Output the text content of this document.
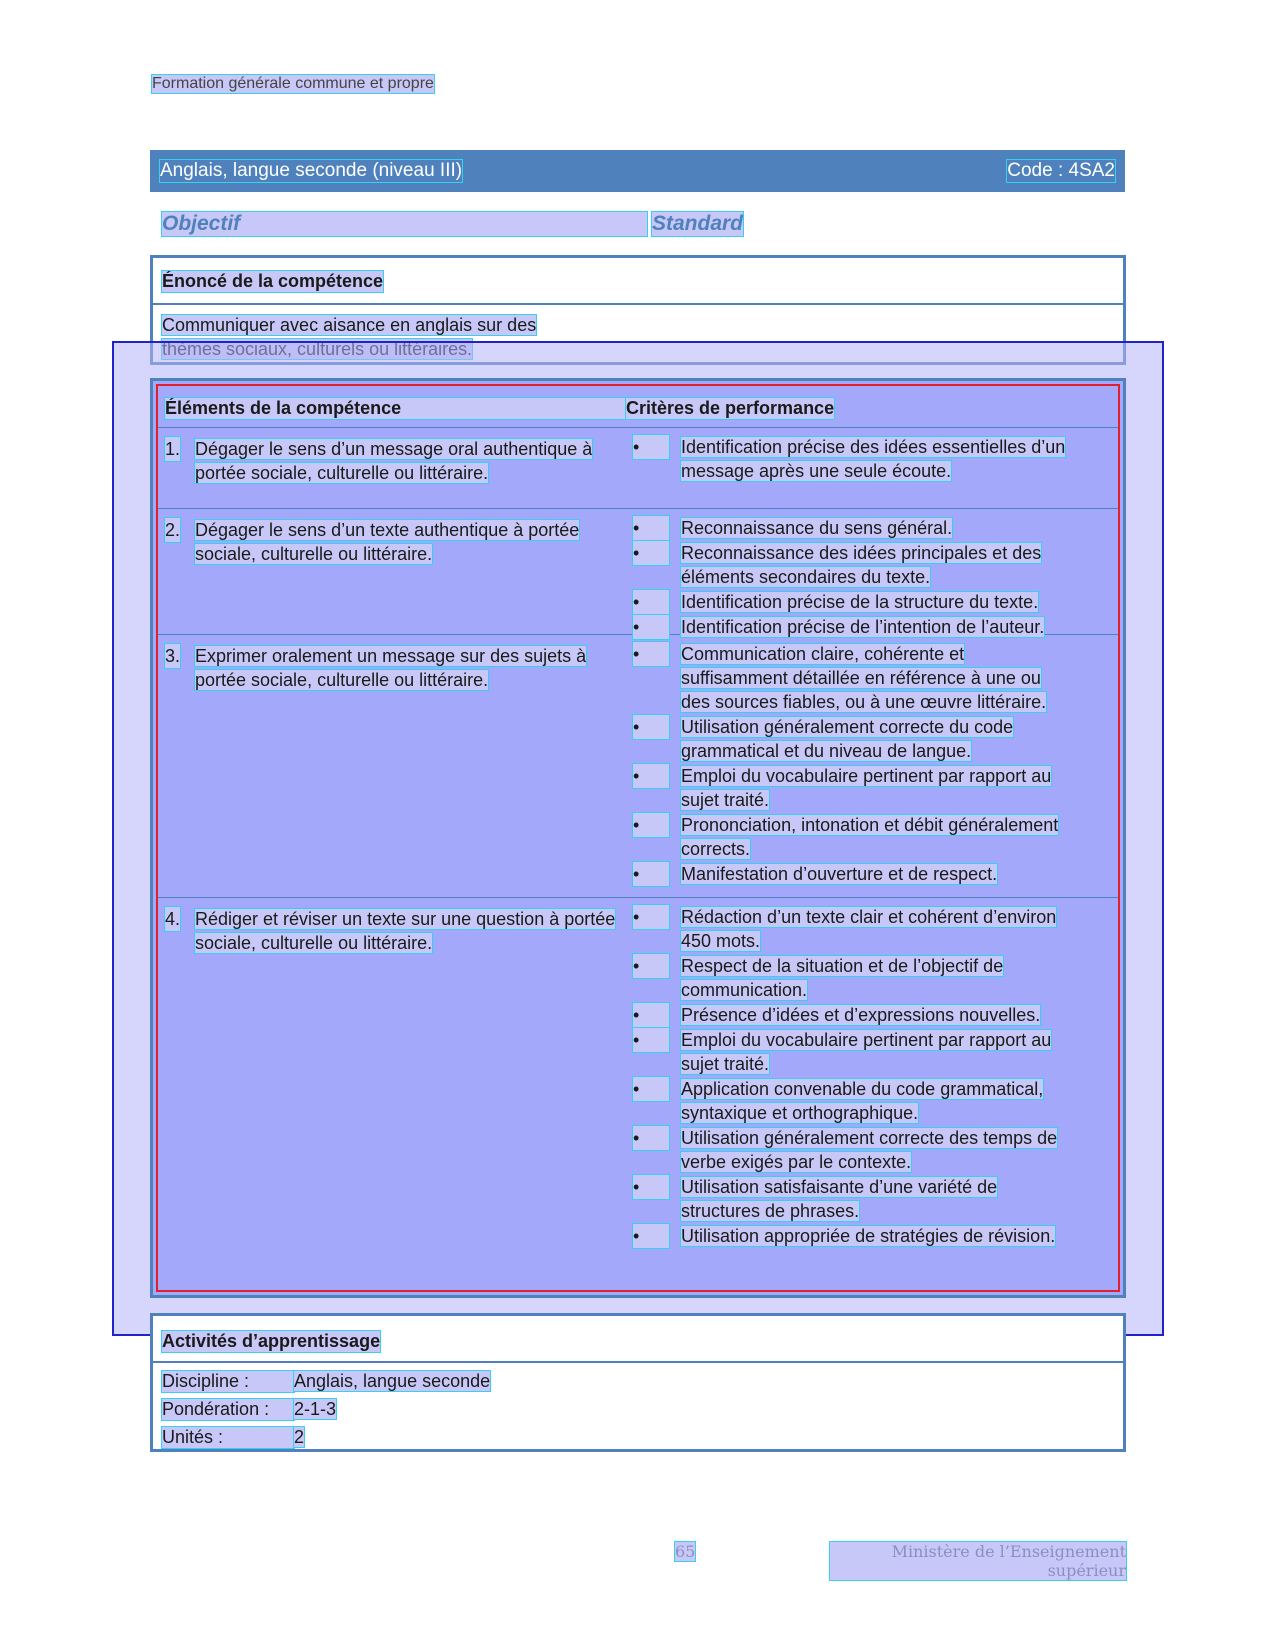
Formation générale commune et propre
Anglais, langue seconde (niveau III)	Code : 4SA2
Objectif	Standard
Énoncé de la compétence
Communiquer avec aisance en anglais sur des

Éléments de la compétence	Critères de performance
1. Dégager le sens d’un message oral authentique à portée sociale, culturelle ou littéraire.
•	Identification précise des idées essentielles d’un message après une seule écoute.
2. Dégager le sens d’un texte authentique à portée sociale, culturelle ou littéraire.
•	Reconnaissance du sens général.
•	Reconnaissance des idées principales et des éléments secondaires du texte.
•	Identification précise de la structure du texte.
•	Identification précise de l’intention de l’auteur.
3. Exprimer oralement un message sur des sujets à portée sociale, culturelle ou littéraire.
•	Communication claire, cohérente et suffisamment détaillée en référence à une ou des sources fiables, ou à une œuvre littéraire.
•	Utilisation généralement correcte du code grammatical et du niveau de langue.
•	Emploi du vocabulaire pertinent par rapport au sujet traité.
•	Prononciation, intonation et débit généralement corrects.
•	Manifestation d’ouverture et de respect.
4. Rédiger et réviser un texte sur une question à portée sociale, culturelle ou littéraire.
•	Rédaction d’un texte clair et cohérent d’environ 450 mots.
•	Respect de la situation et de l’objectif de communication.
•	Présence d’idées et d’expressions nouvelles.
•	Emploi du vocabulaire pertinent par rapport au sujet traité.
•	Application convenable du code grammatical, syntaxique et orthographique.
•	Utilisation généralement correcte des temps de verbe exigés par le contexte.
•	Utilisation satisfaisante d’une variété de structures de phrases.
•	Utilisation appropriée de stratégies de révision.
Activités d’apprentissage
Discipline : Anglais, langue seconde
Pondération : 2-1-3
Unités :	2
65	Ministère de l’Enseignement supérieur
